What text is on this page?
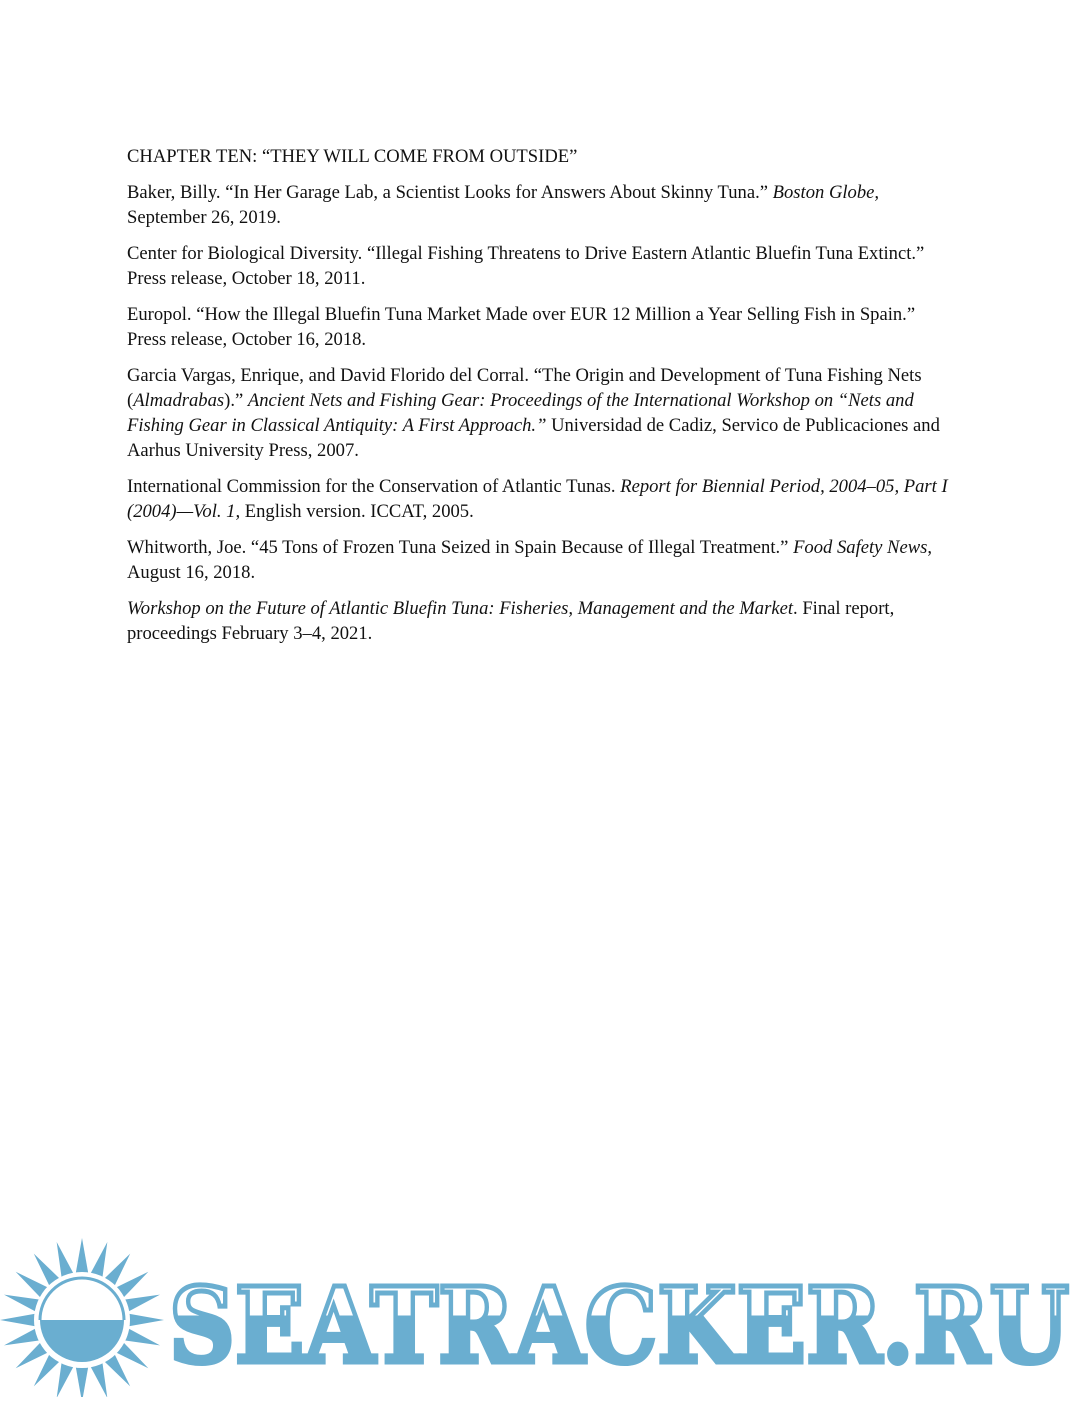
CHAPTER TEN: “THEY WILL COME FROM OUTSIDE”

Baker, Billy. “In Her Garage Lab, a Scientist Looks for Answers About Skinny Tuna.” Boston Globe, September 26, 2019.

Center for Biological Diversity. “Illegal Fishing Threatens to Drive Eastern Atlantic Bluefin Tuna Extinct.” Press release, October 18, 2011.

Europol. “How the Illegal Bluefin Tuna Market Made over EUR 12 Million a Year Selling Fish in Spain.” Press release, October 16, 2018.

Garcia Vargas, Enrique, and David Florido del Corral. “The Origin and Development of Tuna Fishing Nets (Almadrabas).” Ancient Nets and Fishing Gear: Proceedings of the International Workshop on “Nets and Fishing Gear in Classical Antiquity: A First Approach.” Universidad de Cadiz, Servico de Publicaciones and Aarhus University Press, 2007.

International Commission for the Conservation of Atlantic Tunas. Report for Biennial Period, 2004–05, Part I (2004)—Vol. 1, English version. ICCAT, 2005.

Whitworth, Joe. “45 Tons of Frozen Tuna Seized in Spain Because of Illegal Treatment.” Food Safety News, August 16, 2018.

Workshop on the Future of Atlantic Bluefin Tuna: Fisheries, Management and the Market. Final report, proceedings February 3–4, 2021.

SEATRACKER.RU
